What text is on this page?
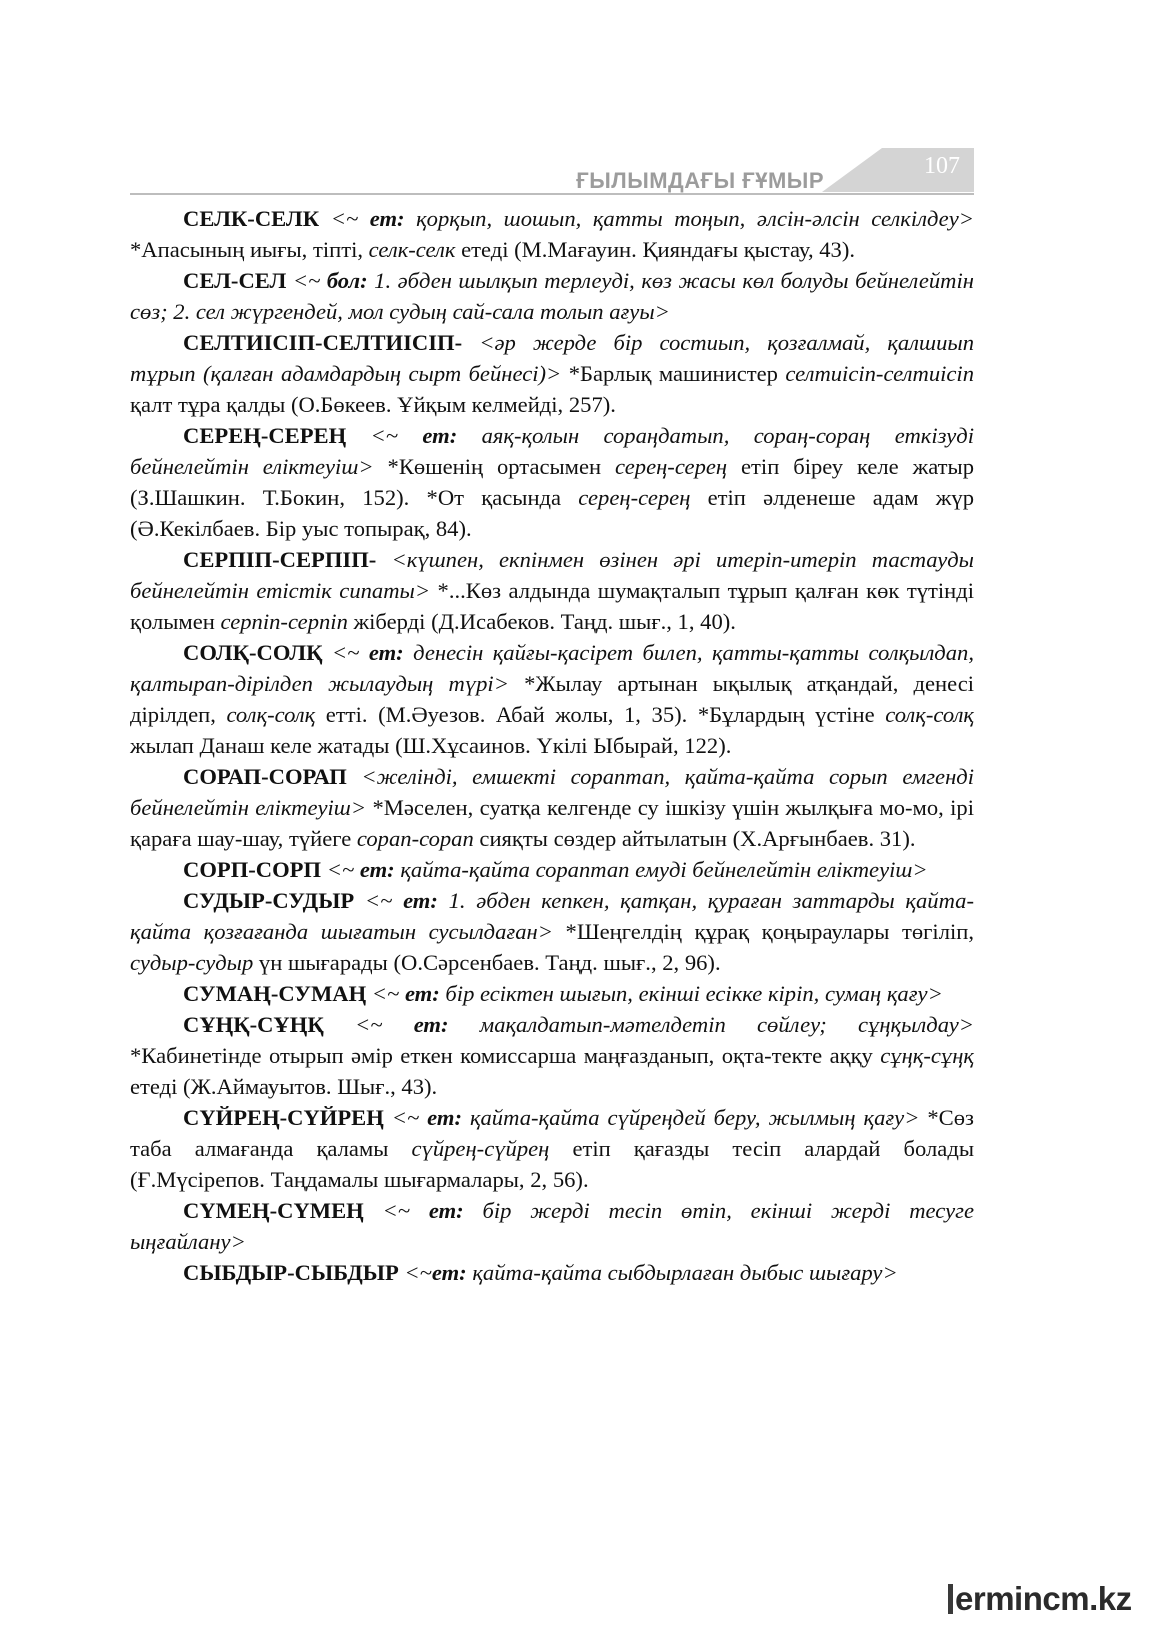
ҒЫЛЫМДАҒЫ ҒҰМЫР
107

СЕЛК-СЕЛК <~ ет: қорқып, шошып, қатты тоңып, әлсін-әлсін селкілдеу> *Апасының иығы, тіпті, селк-селк етеді (М.Мағауин. Қияндағы қыстау, 43).

СЕЛ-СЕЛ <~ бол: 1. әбден шылқып терлеуді, көз жасы көл болуды бейнелейтін сөз; 2. сел жүргендей, мол судың сай-сала толып ағуы>

СЕЛТИІСІП-СЕЛТИІСІП- <әр жерде бір состиып, қозғалмай, қалшиып тұрып (қалған адамдардың сырт бейнесі)> *Барлық машинистер селтиісіп-селтиісіп қалт тұра қалды (О.Бөкеев. Ұйқым келмейді, 257).

СЕРЕҢ-СЕРЕҢ <~ ет: аяқ-қолын сораңдатып, сораң-сораң еткізуді бейнелейтін еліктеуіш> *Көшенің ортасымен сереӊ-сереӊ етіп біреу келе жатыр (З.Шашкин. Т.Бокин, 152). *От қасында сереӊ-сереӊ етіп әлденеше адам жүр (Ә.Кекілбаев. Бір уыс топырақ, 84).

СЕРПІП-СЕРПІП- <күшпен, екпінмен өзінен әрі итеріп-итеріп тастауды бейнелейтін етістік сипаты> *...Көз алдында шумақталып тұрып қалған көк түтінді қолымен серпіп-серпіп жіберді (Д.Исабеков. Таңд. шығ., 1, 40).

СОЛҚ-СОЛҚ <~ ет: денесін қайғы-қасірет билеп, қатты-қатты солқылдап, қалтырап-дірілдеп жылаудың түрі> *Жылау артынан ықылық атқандай, денесі дірілдеп, солқ-солқ етті. (М.Әуезов. Абай жолы, 1, 35). *Бұлардың үстіне солқ-солқ жылап Данаш келе жатады (Ш.Хұсаинов. Үкілі Ыбырай, 122).

СОРАП-СОРАП <желінді, емшекті сораптап, қайта-қайта сорып емгенді бейнелейтін еліктеуіш> *Мәселен, суатқа келгенде су ішкізу үшін жылқыға мо-мо, ірі қараға шау-шау, түйеге сорап-сорап сияқты сөздер айтылатын (Х.Арғынбаев. 31).

СОРП-СОРП <~ ет: қайта-қайта сораптап емуді бейнелейтін еліктеуіш>

СУДЫР-СУДЫР <~ ет: 1. әбден кепкен, қатқан, қураған заттарды қайта-қайта қозғағанда шығатын сусылдаған> *Шеңгелдің құрақ қоңыраулары төгіліп, судыр-судыр үн шығарады (О.Сәрсенбаев. Таңд. шығ., 2, 96).

СУМАҢ-СУМАҢ <~ ет: бір есіктен шығып, екінші есікке кіріп, сумаң қағу>

СҰҢҚ-СҰҢҚ <~ ет: мақалдатып-мәтелдетіп сөйлеу; сұңқылдау> *Кабинетінде отырып әмір еткен комиссарша маңғазданып, оқта-текте аққу сұңқ-сұңқ етеді (Ж.Аймауытов. Шығ., 43).

СҮЙРЕҢ-СҮЙРЕҢ <~ ет: қайта-қайта сүйреңдей беру, жылмың қағу> *Сөз таба алмағанда қаламы сүйреӊ-сүйреӊ етіп қағазды тесіп алардай болады (Ғ.Мүсірепов. Таңдамалы шығармалары, 2, 56).

СҮМЕҢ-СҮМЕҢ <~ ет: бір жерді тесіп өтіп, екінші жерді тесуге ыңғайлану>

СЫБДЫР-СЫБДЫР <~ет: қайта-қайта сыбдырлаған дыбыс шығару>

ermincm.kz
